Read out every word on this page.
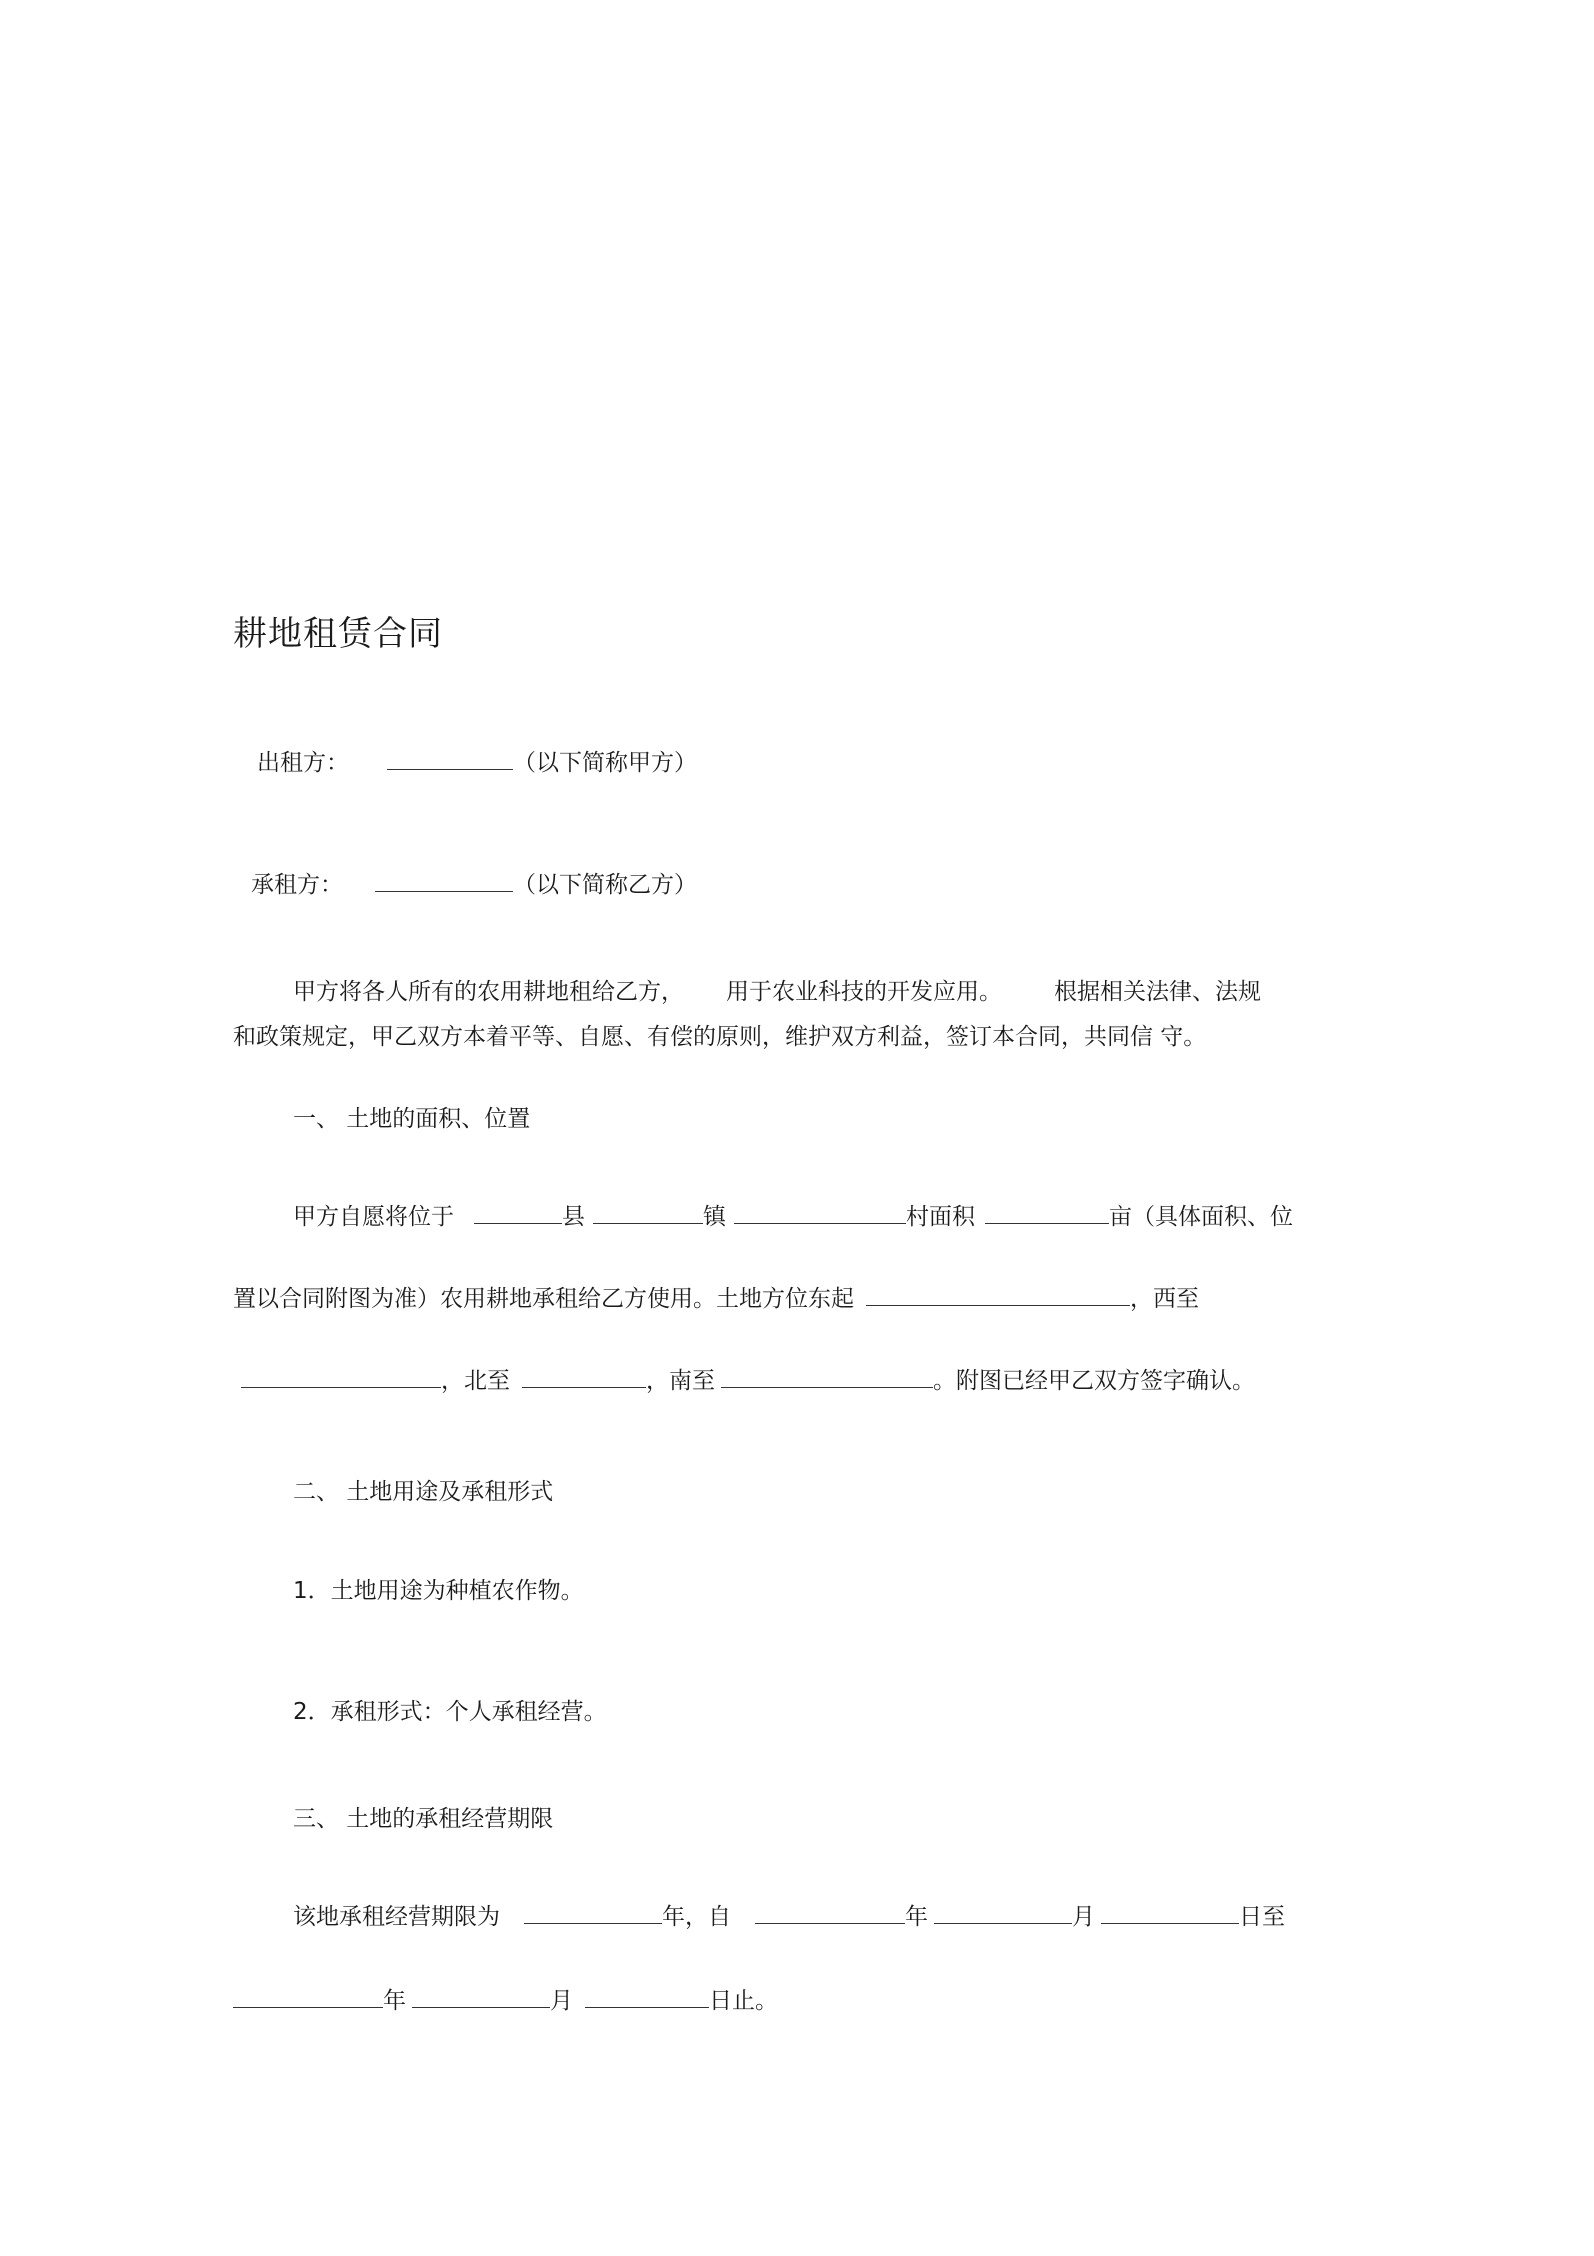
耕地租赁合同
出租方：	（以下简称甲方）
承租方：	（以下简称乙方）
甲方将各人所有的农用耕地租给乙方， 用于农业科技的开发应用。 根据相关法律、法规
和政策规定，甲乙双方本着平等、自愿、有偿的原则，维护双方利益，签订本合同，共同信 守。
一、 土地的面积、位置
甲方自愿将位于	县	镇	村面积	亩（具体面积、位
置以合同附图为准）农用耕地承租给乙方使用。土地方位东起	，西至
，北至	，南至	。附图已经甲乙双方签字确认。
二、 土地用途及承租形式
1．土地用途为种植农作物。
2．承租形式：个人承租经营。
三、 土地的承租经营期限
该地承租经营期限为	年，自	年	月	日至
年	月	日止。
